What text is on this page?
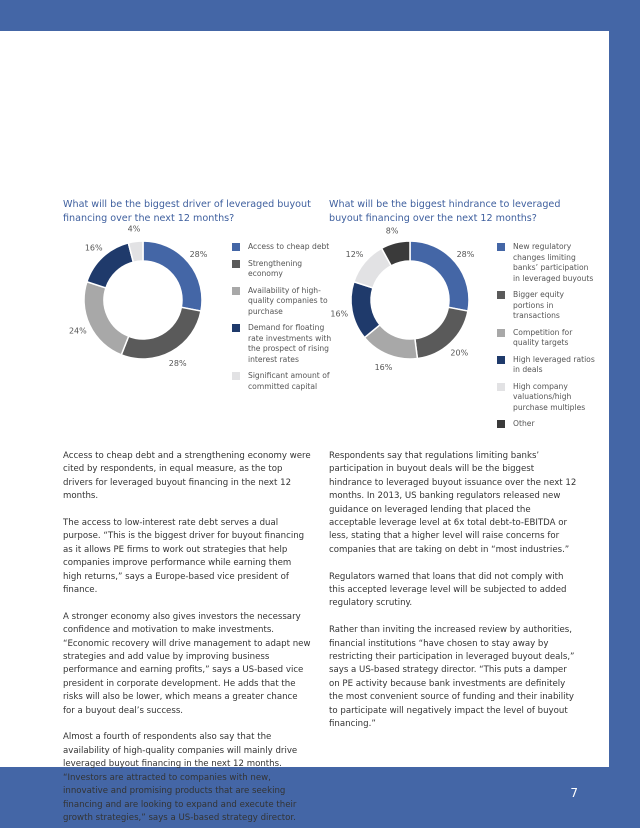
7
What will be the biggest driver of leveraged buyout financing over the next 12 months?
28%
28%
24%
16%
4%
Access to cheap debt
Strengthening economy
Availability of high-quality companies to purchase
Demand for floating rate investments with the prospect of rising interest rates
Significant amount of committed capital
What will be the biggest hindrance to leveraged buyout financing over the next 12 months?
28%
20%
16%
16%
12%
8%
New regulatory changes limiting banks’ participation in leveraged buyouts
Bigger equity portions in transactions
Competition for quality targets
High leveraged ratios in deals
High company valuations/high purchase multiples
Other

Access to cheap debt and a strengthening economy were cited by respondents, in equal measure, as the top drivers for leveraged buyout financing in the next 12 months.

The access to low-interest rate debt serves a dual purpose. “This is the biggest driver for buyout financing as it allows PE firms to work out strategies that help companies improve performance while earning them high returns,” says a Europe-based vice president of finance.

A stronger economy also gives investors the necessary confidence and motivation to make investments. “Economic recovery will drive management to adapt new strategies and add value by improving business performance and earning profits,” says a US-based vice president in corporate development. He adds that the risks will also be lower, which means a greater chance for a buyout deal’s success.

Almost a fourth of respondents also say that the availability of high-quality companies will mainly drive leveraged buyout financing in the next 12 months. “Investors are attracted to companies with new, innovative and promising products that are seeking financing and are looking to expand and execute their growth strategies,” says a US-based strategy director.

Respondents say that regulations limiting banks’ participation in buyout deals will be the biggest hindrance to leveraged buyout issuance over the next 12 months. In 2013, US banking regulators released new guidance on leveraged lending that placed the acceptable leverage level at 6x total debt-to-EBITDA or less, stating that a higher level will raise concerns for companies that are taking on debt in “most industries.”

Regulators warned that loans that did not comply with this accepted leverage level will be subjected to added regulatory scrutiny.

Rather than inviting the increased review by authorities, financial institutions “have chosen to stay away by restricting their participation in leveraged buyout deals,” says a US-based strategy director. “This puts a damper on PE activity because bank investments are definitely the most convenient source of funding and their inability to participate will negatively impact the level of buyout financing.”
